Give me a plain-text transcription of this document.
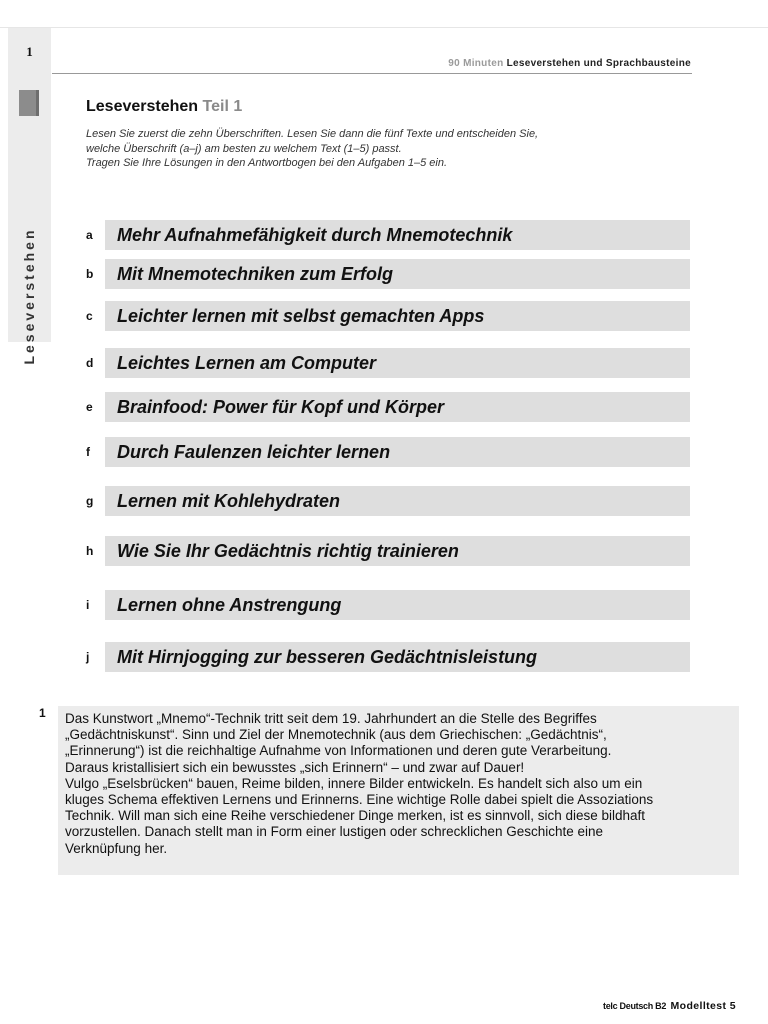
1
Leseverstehen
90 Minuten Leseverstehen und Sprachbausteine
Leseverstehen Teil 1
Lesen Sie zuerst die zehn Überschriften. Lesen Sie dann die fünf Texte und entscheiden Sie,
welche Überschrift (a–j) am besten zu welchem Text (1–5) passt.
Tragen Sie Ihre Lösungen in den Antwortbogen bei den Aufgaben 1–5 ein.
a	Mehr Aufnahmefähigkeit durch Mnemotechnik
b	Mit Mnemotechniken zum Erfolg
c	Leichter lernen mit selbst gemachten Apps
d	Leichtes Lernen am Computer
e	Brainfood: Power für Kopf und Körper
f	Durch Faulenzen leichter lernen
g	Lernen mit Kohlehydraten
h	Wie Sie Ihr Gedächtnis richtig trainieren
i	Lernen ohne Anstrengung
j	Mit Hirnjogging zur besseren Gedächtnisleistung
1 Das Kunstwort „Mnemo“-Technik tritt seit dem 19. Jahrhundert an die Stelle des Begriffes
„Gedächtniskunst“. Sinn und Ziel der Mnemotechnik (aus dem Griechischen: „Gedächtnis“,
„Erinnerung“) ist die reichhaltige Aufnahme von Informationen und deren gute Verarbeitung.
Daraus kristallisiert sich ein bewusstes „sich Erinnern“ – und zwar auf Dauer!
Vulgo „Eselsbrücken“ bauen, Reime bilden, innere Bilder entwickeln. Es handelt sich also um ein
kluges Schema effektiven Lernens und Erinnerns. Eine wichtige Rolle dabei spielt die Assoziations
Technik. Will man sich eine Reihe verschiedener Dinge merken, ist es sinnvoll, sich diese bildhaft
vorzustellen. Danach stellt man in Form einer lustigen oder schrecklichen Geschichte eine
Verknüpfung her.
telc Deutsch B2 Modelltest 5
